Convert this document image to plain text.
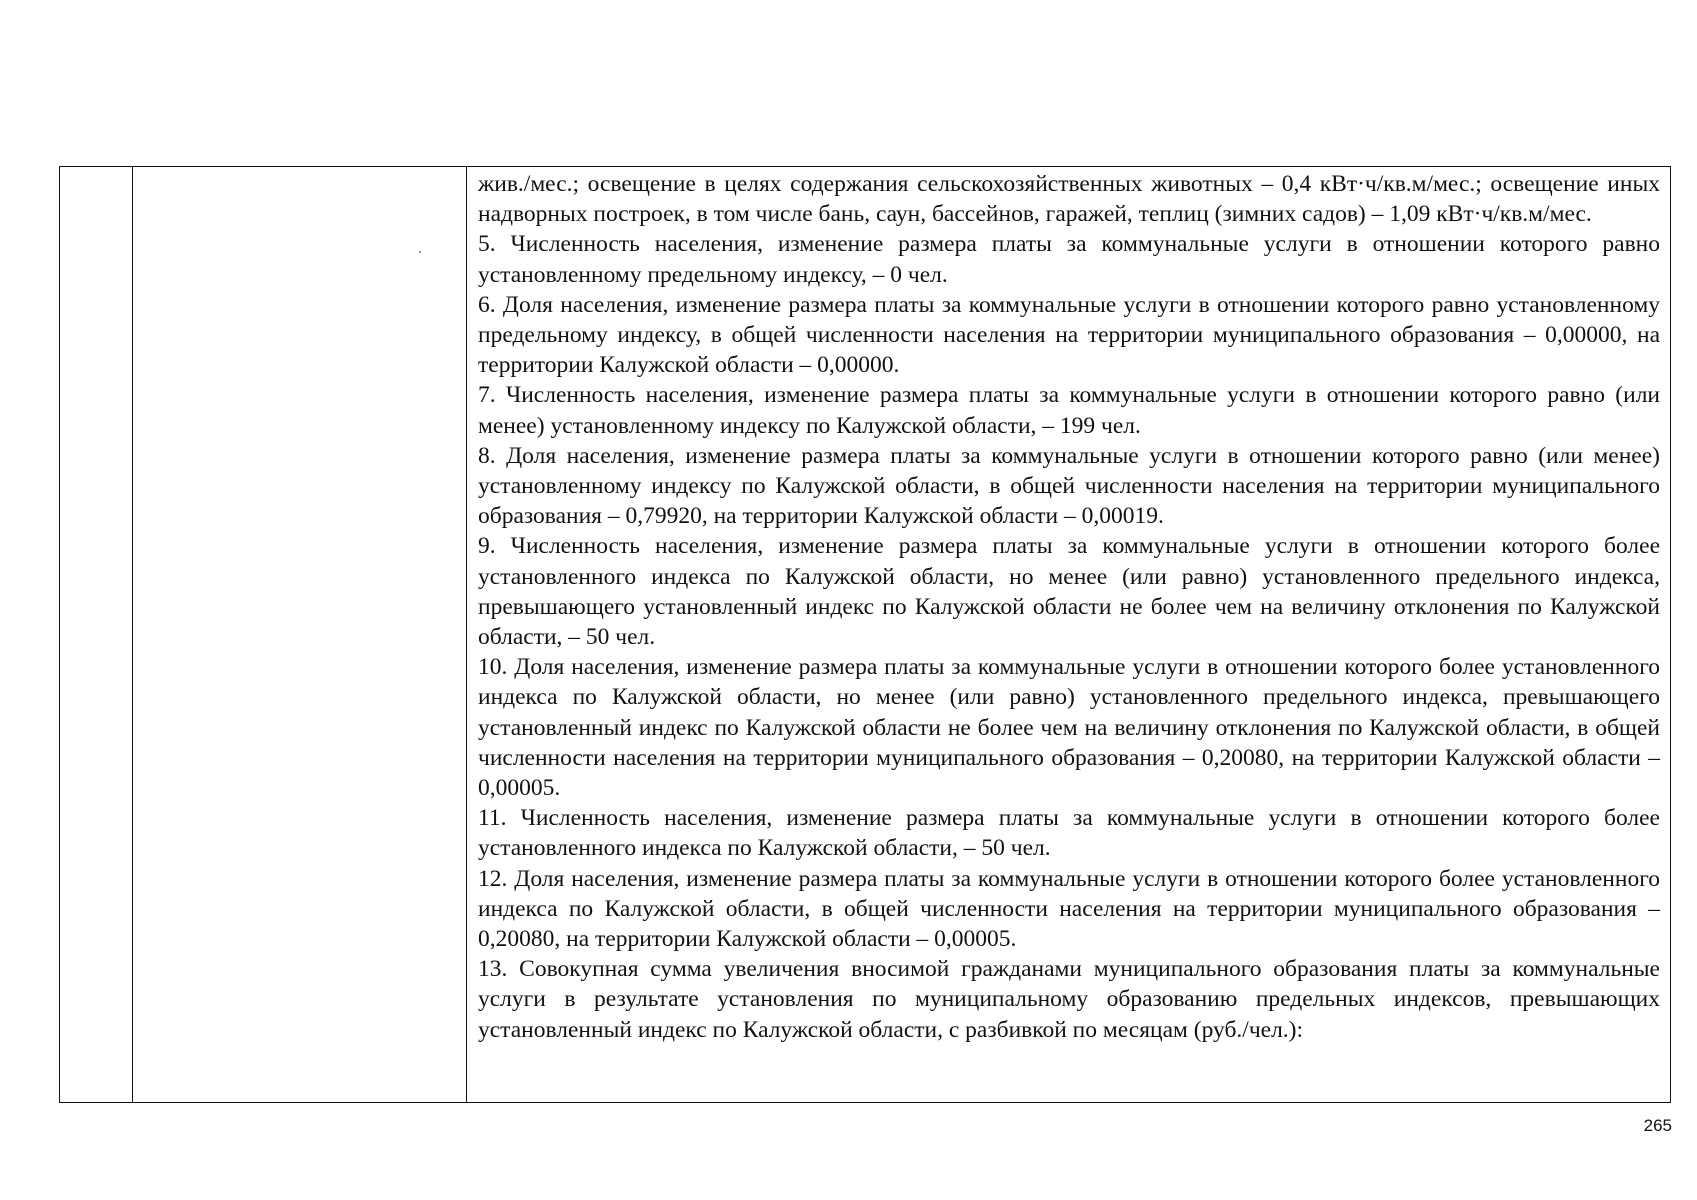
жив./мес.; освещение в целях содержания сельскохозяйственных животных – 0,4 кВт·ч/кв.м/мес.; освещение иных надворных построек, в том числе бань, саун, бассейнов, гаражей, теплиц (зимних садов) – 1,09 кВт·ч/кв.м/мес.

5. Численность населения, изменение размера платы за коммунальные услуги в отношении которого равно установленному предельному индексу, – 0 чел.

6. Доля населения, изменение размера платы за коммунальные услуги в отношении которого равно установленному предельному индексу, в общей численности населения на территории муниципального образования – 0,00000, на территории Калужской области – 0,00000.

7. Численность населения, изменение размера платы за коммунальные услуги в отношении которого равно (или менее) установленному индексу по Калужской области, – 199 чел.

8. Доля населения, изменение размера платы за коммунальные услуги в отношении которого равно (или менее) установленному индексу по Калужской области, в общей численности населения на территории муниципального образования – 0,79920, на территории Калужской области – 0,00019.

9. Численность населения, изменение размера платы за коммунальные услуги в отношении которого более установленного индекса по Калужской области, но менее (или равно) установленного предельного индекса, превышающего установленный индекс по Калужской области не более чем на величину отклонения по Калужской области, – 50 чел.

10. Доля населения, изменение размера платы за коммунальные услуги в отношении которого более установленного индекса по Калужской области, но менее (или равно) установленного предельного индекса, превышающего установленный индекс по Калужской области не более чем на величину отклонения по Калужской области, в общей численности населения на территории муниципального образования – 0,20080, на территории Калужской области – 0,00005.

11. Численность населения, изменение размера платы за коммунальные услуги в отношении которого более установленного индекса по Калужской области, – 50 чел.

12. Доля населения, изменение размера платы за коммунальные услуги в отношении которого более установленного индекса по Калужской области, в общей численности населения на территории муниципального образования – 0,20080, на территории Калужской области – 0,00005.

13. Совокупная сумма увеличения вносимой гражданами муниципального образования платы за коммунальные услуги в результате установления по муниципальному образованию предельных индексов, превышающих установленный индекс по Калужской области, с разбивкой по месяцам (руб./чел.):

265
